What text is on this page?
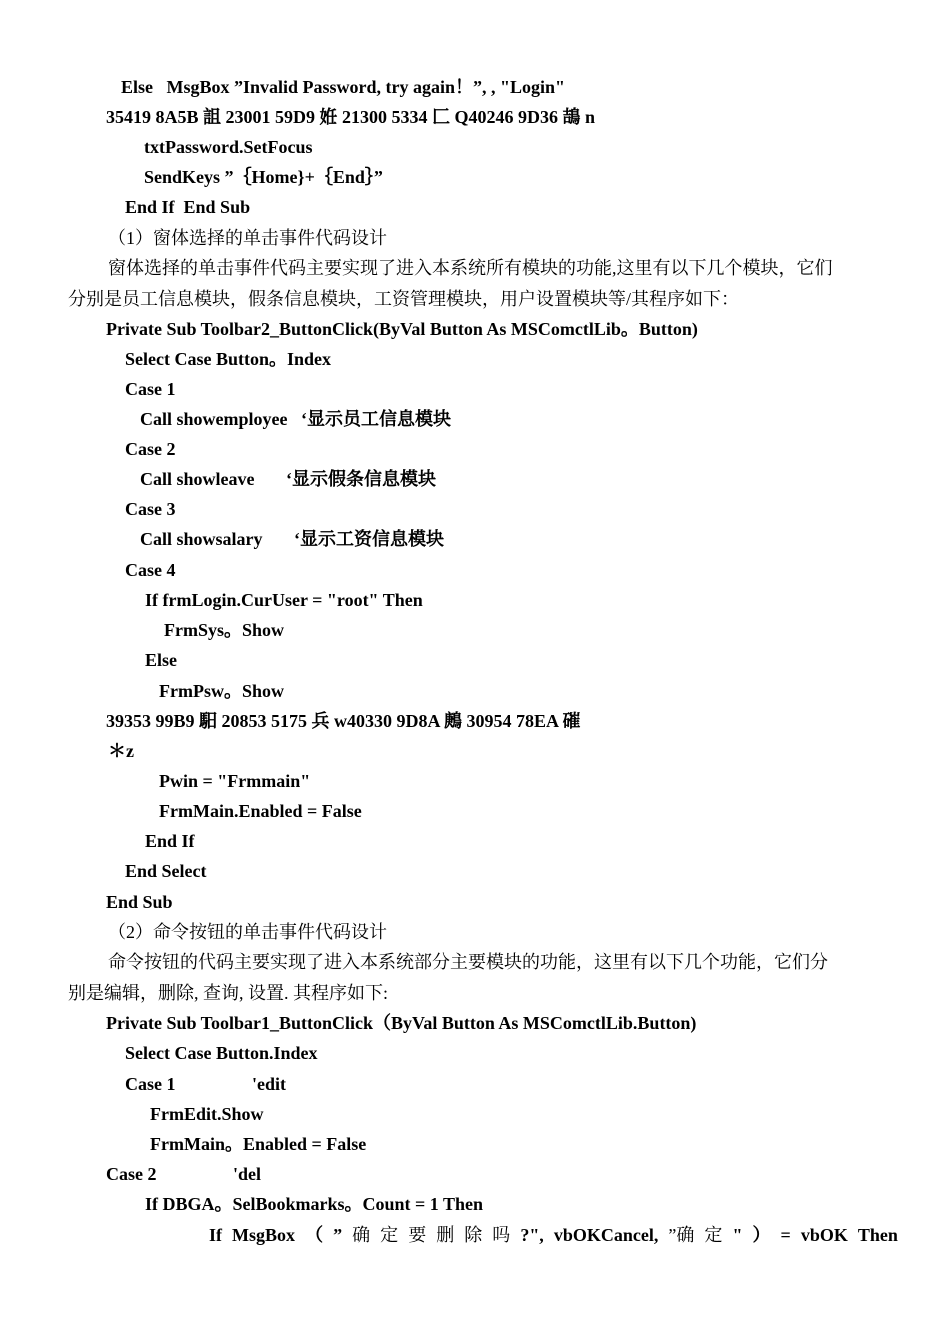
Else   MsgBox ”Invalid Password, try again！”, , "Login"
35419 8A5B 詛 23001 59D9 姙 21300 5334 匚 Q40246 9D36 鴶 n
txtPassword.SetFocus
SendKeys ”｛Home}+｛End｝”
End If  End Sub
（1）窗体选择的单击事件代码设计
窗体选择的单击事件代码主要实现了进入本系统所有模块的功能,这里有以下几个模块，它们
分别是员工信息模块，假条信息模块，工资管理模块，用户设置模块等/其程序如下：
Private Sub Toolbar2_ButtonClick(ByVal Button As MSComctlLib。Button)
Select Case Button。Index
Case 1
Call showemployee   ‘显示员工信息模块
Case 2
Call showleave       ‘显示假条信息模块
Case 3
Call showsalary       ‘显示工资信息模块
Case 4
If frmLogin.CurUser = "root" Then
FrmSys。Show
Else
FrmPsw。Show
39353 99B9 馹 20853 5175 兵 w40330 9D8A 鶊 30954 78EA 磪
＊z
Pwin = "Frmmain"
FrmMain.Enabled = False
End If
End Select
End Sub
（2）命令按钮的单击事件代码设计
命令按钮的代码主要实现了进入本系统部分主要模块的功能，这里有以下几个功能，它们分
别是编辑，删除, 查询, 设置. 其程序如下:
Private Sub Toolbar1_ButtonClick（ByVal Button As MSComctlLib.Button)
Select Case Button.Index
Case 1                 'edit
FrmEdit.Show
FrmMain。Enabled = False
Case 2                 'del
If DBGA。SelBookmarks。Count = 1 Then
If MsgBox （ ” 确 定 要 删 除 吗 ?", vbOKCancel, ”确 定 " ） = vbOK Then
